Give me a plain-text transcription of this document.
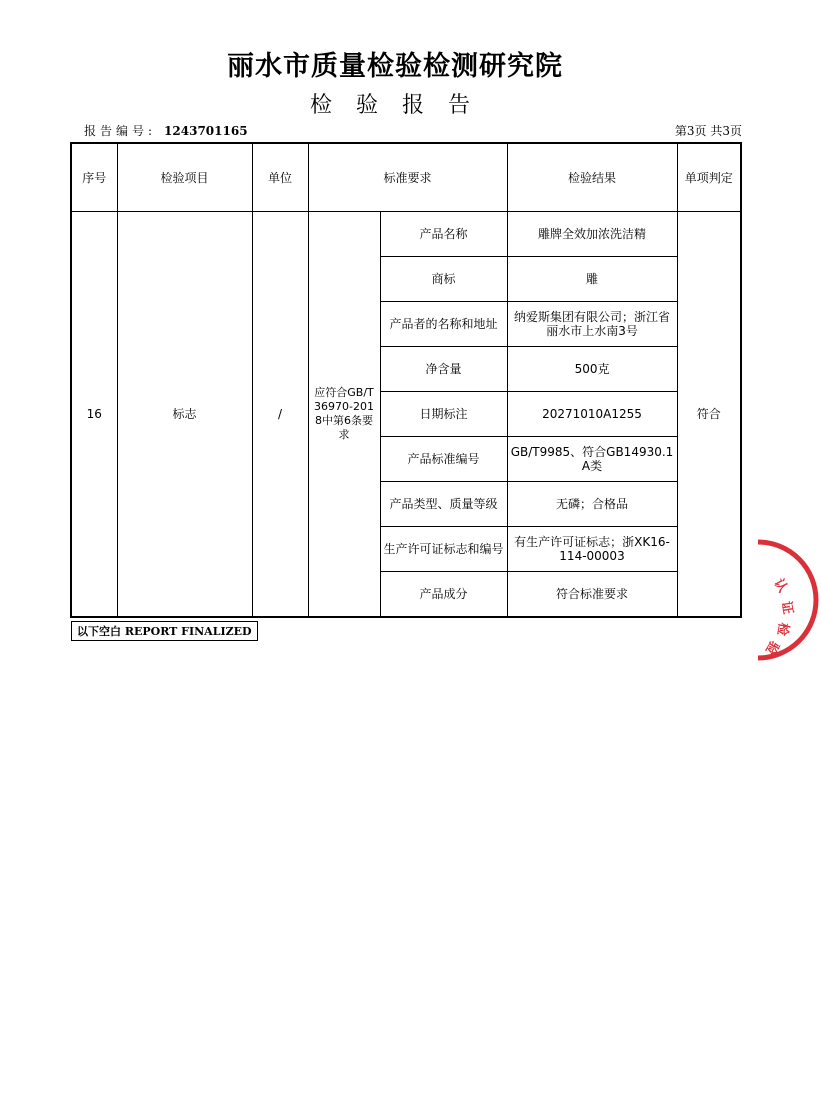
丽水市质量检验检测研究院
检验报告
报告编号: 1243701165	第3页 共3页
序号	检验项目	单位	标准要求		检验结果	单项判定
16	标志	/	应符合GB/T36970-2018中第6条要求	产品名称	雕牌全效加浓洗洁精	符合
				商标	雕	
				产品者的名称和地址	纳爱斯集团有限公司；浙江省丽水市上水南3号	
				净含量	500克	
				日期标注	20271010A1255	
				产品标准编号	GB/T9985、符合GB14930.1 A类	
				产品类型、质量等级	无磷；合格品	
				生产许可证标志和编号	有生产许可证标志；浙XK16-114-00003	
				产品成分	符合标准要求	
以下空白 REPORT FINALIZED
认
证
检
验
